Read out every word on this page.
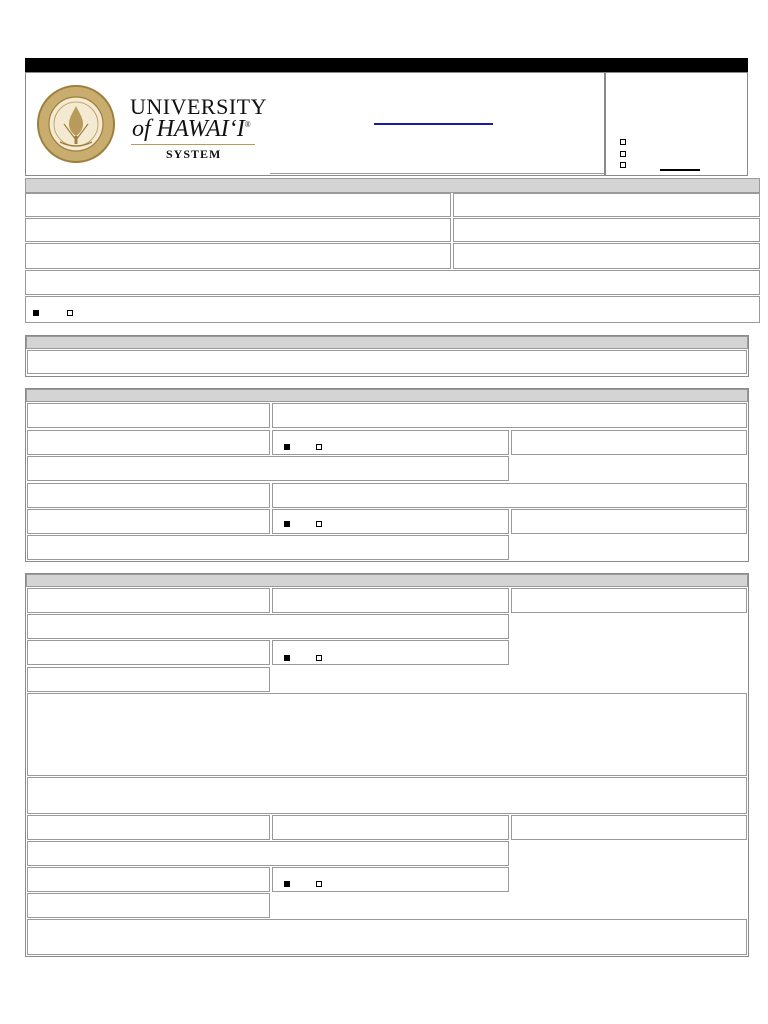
UNIVERSITY
of HAWAI‘I®
SYSTEM
